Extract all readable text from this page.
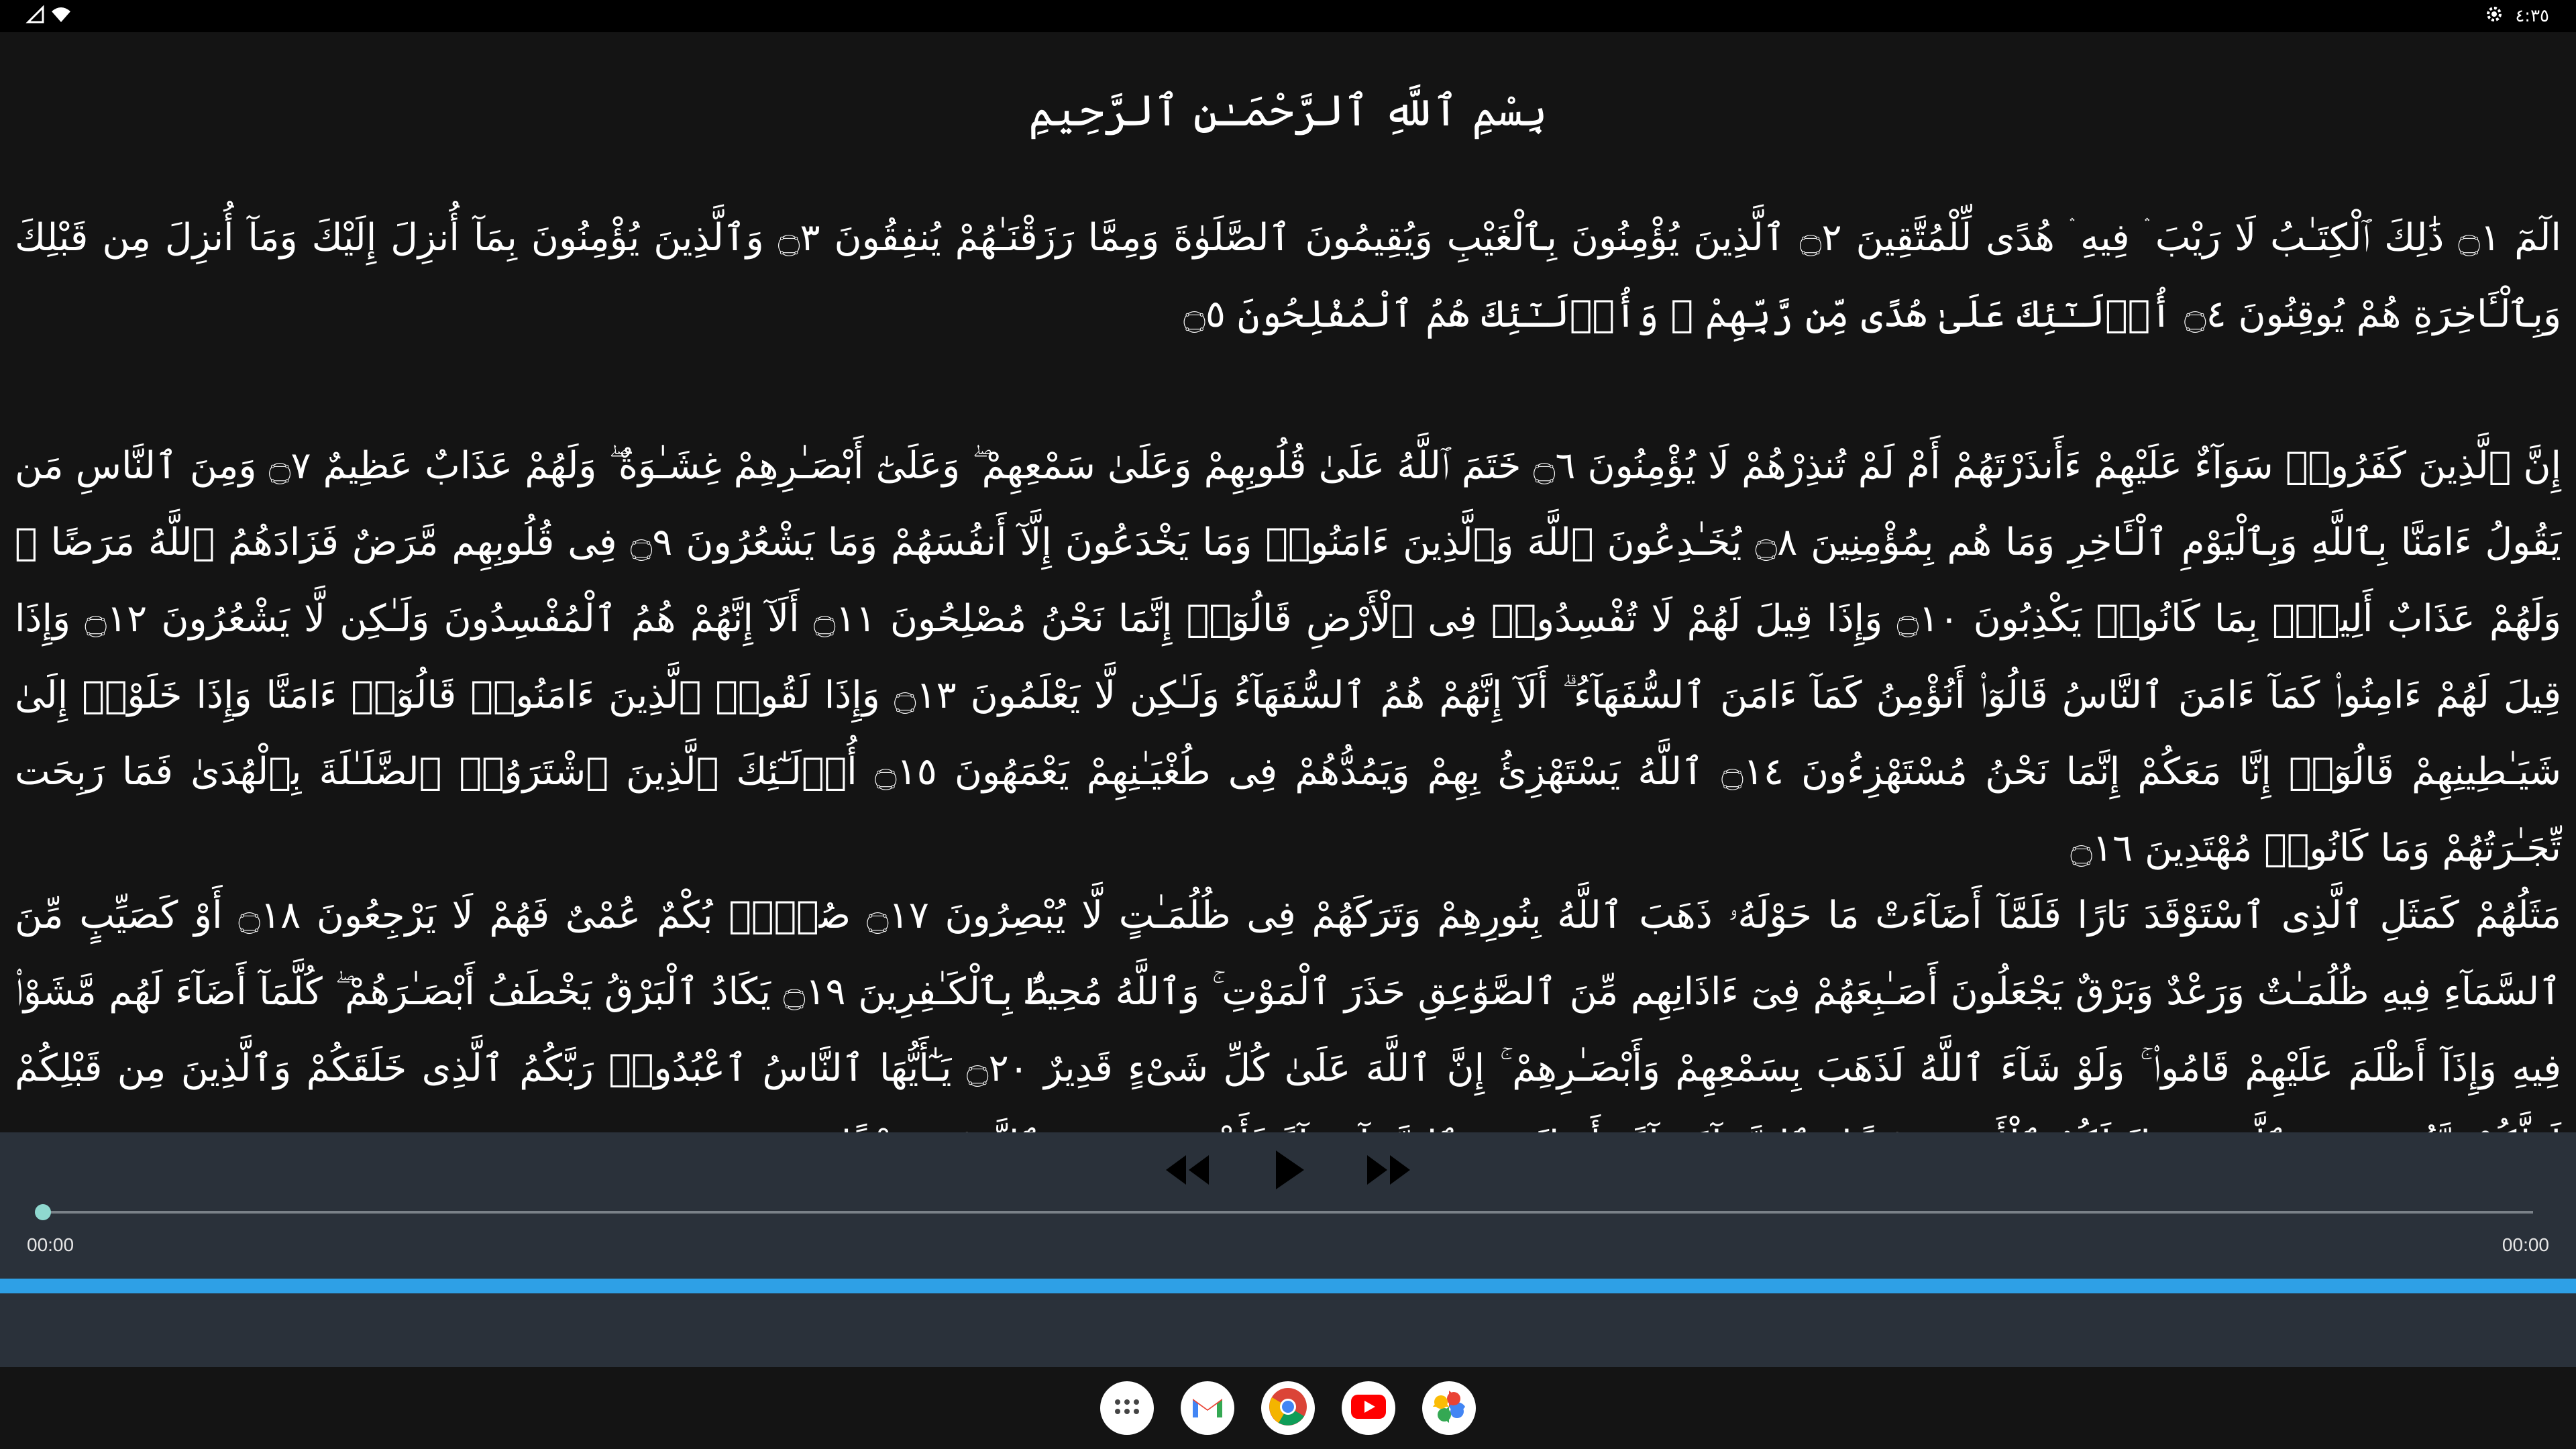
٤:٣٥
بِسْمِ ٱللَّهِ ٱلرَّحْمَـٰنِ ٱلرَّحِيمِ

الٓمٓ ۝١ ذَٰلِكَ ٱلْكِتَـٰبُ لَا رَيْبَ ۛ فِيهِ ۛ هُدًى لِّلْمُتَّقِينَ ۝٢ ٱلَّذِينَ يُؤْمِنُونَ بِٱلْغَيْبِ وَيُقِيمُونَ ٱلصَّلَوٰةَ وَمِمَّا رَزَقْنَـٰهُمْ يُنفِقُونَ ۝٣ وَٱلَّذِينَ يُؤْمِنُونَ بِمَآ أُنزِلَ إِلَيْكَ وَمَآ أُنزِلَ مِن قَبْلِكَ وَبِٱلْـَٔاخِرَةِ هُمْ يُوقِنُونَ ۝٤ أُو۟لَـٰٓئِكَ عَلَىٰ هُدًى مِّن رَّبِّهِمْ ۖ وَأُو۟لَـٰٓئِكَ هُمُ ٱلْمُفْلِحُونَ ۝٥

إِنَّ ٱلَّذِينَ كَفَرُوا۟ سَوَآءٌ عَلَيْهِمْ ءَأَنذَرْتَهُمْ أَمْ لَمْ تُنذِرْهُمْ لَا يُؤْمِنُونَ ۝٦ خَتَمَ ٱللَّهُ عَلَىٰ قُلُوبِهِمْ وَعَلَىٰ سَمْعِهِمْ ۖ وَعَلَىٰٓ أَبْصَـٰرِهِمْ غِشَـٰوَةٌ ۖ وَلَهُمْ عَذَابٌ عَظِيمٌ ۝٧ وَمِنَ ٱلنَّاسِ مَن يَقُولُ ءَامَنَّا بِٱللَّهِ وَبِٱلْيَوْمِ ٱلْـَٔاخِرِ وَمَا هُم بِمُؤْمِنِينَ ۝٨ يُخَـٰدِعُونَ ٱللَّهَ وَٱلَّذِينَ ءَامَنُوا۟ وَمَا يَخْدَعُونَ إِلَّآ أَنفُسَهُمْ وَمَا يَشْعُرُونَ ۝٩ فِى قُلُوبِهِم مَّرَضٌ فَزَادَهُمُ ٱللَّهُ مَرَضًا ۖ وَلَهُمْ عَذَابٌ أَلِيمٌۢ بِمَا كَانُوا۟ يَكْذِبُونَ ۝١٠ وَإِذَا قِيلَ لَهُمْ لَا تُفْسِدُوا۟ فِى ٱلْأَرْضِ قَالُوٓا۟ إِنَّمَا نَحْنُ مُصْلِحُونَ ۝١١ أَلَآ إِنَّهُمْ هُمُ ٱلْمُفْسِدُونَ وَلَـٰكِن لَّا يَشْعُرُونَ ۝١٢ وَإِذَا قِيلَ لَهُمْ ءَامِنُوا۟ كَمَآ ءَامَنَ ٱلنَّاسُ قَالُوٓا۟ أَنُؤْمِنُ كَمَآ ءَامَنَ ٱلسُّفَهَآءُ ۗ أَلَآ إِنَّهُمْ هُمُ ٱلسُّفَهَآءُ وَلَـٰكِن لَّا يَعْلَمُونَ ۝١٣ وَإِذَا لَقُوا۟ ٱلَّذِينَ ءَامَنُوا۟ قَالُوٓا۟ ءَامَنَّا وَإِذَا خَلَوْا۟ إِلَىٰ شَيَـٰطِينِهِمْ قَالُوٓا۟ إِنَّا مَعَكُمْ إِنَّمَا نَحْنُ مُسْتَهْزِءُونَ ۝١٤ ٱللَّهُ يَسْتَهْزِئُ بِهِمْ وَيَمُدُّهُمْ فِى طُغْيَـٰنِهِمْ يَعْمَهُونَ ۝١٥ أُو۟لَـٰٓئِكَ ٱلَّذِينَ ٱشْتَرَوُا۟ ٱلضَّلَـٰلَةَ بِٱلْهُدَىٰ فَمَا رَبِحَت تِّجَـٰرَتُهُمْ وَمَا كَانُوا۟ مُهْتَدِينَ ۝١٦

مَثَلُهُمْ كَمَثَلِ ٱلَّذِى ٱسْتَوْقَدَ نَارًا فَلَمَّآ أَضَآءَتْ مَا حَوْلَهُۥ ذَهَبَ ٱللَّهُ بِنُورِهِمْ وَتَرَكَهُمْ فِى ظُلُمَـٰتٍ لَّا يُبْصِرُونَ ۝١٧ صُمٌّۢ بُكْمٌ عُمْىٌ فَهُمْ لَا يَرْجِعُونَ ۝١٨ أَوْ كَصَيِّبٍ مِّنَ ٱلسَّمَآءِ فِيهِ ظُلُمَـٰتٌ وَرَعْدٌ وَبَرْقٌ يَجْعَلُونَ أَصَـٰبِعَهُمْ فِىٓ ءَاذَانِهِم مِّنَ ٱلصَّوَٰعِقِ حَذَرَ ٱلْمَوْتِ ۚ وَٱللَّهُ مُحِيطٌۢ بِٱلْكَـٰفِرِينَ ۝١٩ يَكَادُ ٱلْبَرْقُ يَخْطَفُ أَبْصَـٰرَهُمْ ۖ كُلَّمَآ أَضَآءَ لَهُم مَّشَوْا۟ فِيهِ وَإِذَآ أَظْلَمَ عَلَيْهِمْ قَامُوا۟ ۚ وَلَوْ شَآءَ ٱللَّهُ لَذَهَبَ بِسَمْعِهِمْ وَأَبْصَـٰرِهِمْ ۚ إِنَّ ٱللَّهَ عَلَىٰ كُلِّ شَىْءٍ قَدِيرٌ ۝٢٠ يَـٰٓأَيُّهَا ٱلنَّاسُ ٱعْبُدُوا۟ رَبَّكُمُ ٱلَّذِى خَلَقَكُمْ وَٱلَّذِينَ مِن قَبْلِكُمْ

00:00	00:00
